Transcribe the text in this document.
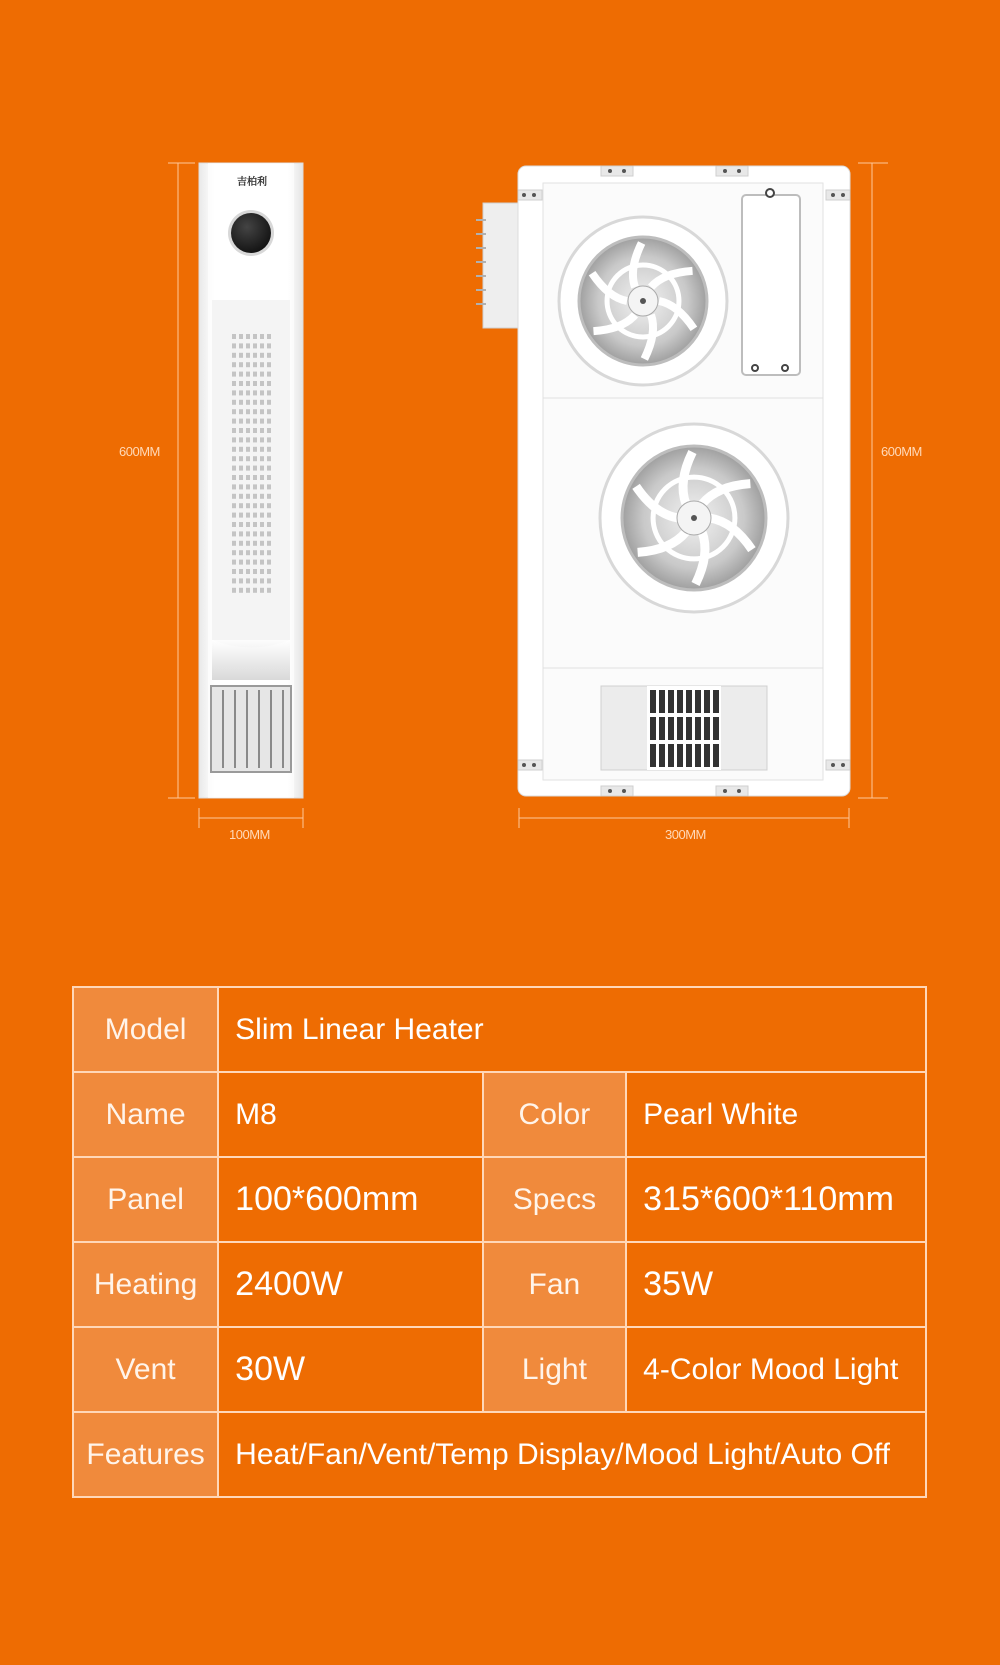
吉柏利
600MM	600MM
100MM	300MM
Model	Slim Linear Heater		
Name	M8	Color	Pearl White
Panel	100*600mm	Specs	315*600*110mm
Heating	2400W	Fan	35W
Vent	30W	Light	4-Color Mood Light
Features	Heat/Fan/Vent/Temp Display/Mood Light/Auto Off		
